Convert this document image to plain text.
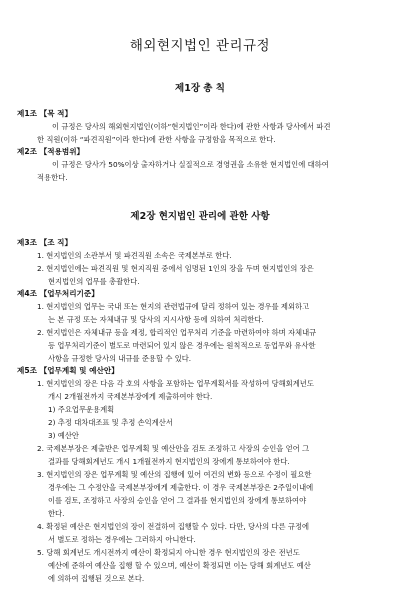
해외현지법인 관리규정
제1장 총 칙
제1조 【목 적】
이 규정은 당사의 해외현지법인(이하“현지법인”이라 한다)에 관한 사항과 당사에서 파견
한 직원(이하 “파견직원”이라 한다)에 관한 사항을 규정함을 목적으로 한다.
제2조 【적용범위】
이 규정은 당사가 50%이상 출자하거나 실질적으로 경영권을 소유한 현지법인에 대하여
적용한다.
제2장 현지법인 관리에 관한 사항
제3조 【조 직】
1. 현지법인의 소관부서 및 파견직원 소속은 국제본부로 한다.
2. 현지법인에는 파견직원 및 현지직원 중에서 임명된 1인의 장을 두며 현지법인의 장은
현지법인의 업무를 총괄한다.
제4조 【업무처리기준】
1. 현지법인의 업무는 국내 또는 현지의 관련법규에 달리 정하여 있는 경우를 제외하고
는 본 규정 또는 자체내규 및 당사의 지시사항 등에 의하여 처리한다.
2. 현지법인은 자체내규 등을 제정, 합리적인 업무처리 기준을 마련하여야 하며 자체내규
등 업무처리기준이 별도로 마련되어 있지 않은 경우에는 원칙적으로 동업무와 유사한
사항을 규정한 당사의 내규를 준용할 수 있다.
제5조 【업무계획 및 예산안】
1. 현지법인의 장은 다음 각 호의 사항을 포함하는 업무계획서를 작성하여 당해회계년도
개시 2개월전까지 국제본부장에게 제출하여야 한다.
1) 주요업무운용계획
2) 추정 대차대조표 및 추정 손익계산서
3) 예산안
2. 국제본부장은 제출받은 업무계획 및 예산안을 검토 조정하고 사장의 승인을 얻어 그
결과를 당해회계년도 개시 1개월전까지 현지법인의 장에게 통보하여야 한다.
3. 현지법인의 장은 업무계획 및 예산의 집행에 있어 여건의 변화 등으로 수정이 필요한
경우에는 그 수정안을 국제본부장에게 제출한다. 이 경우 국제본부장은 2주일이내에
이를 검토, 조정하고 사장의 승인을 얻어 그 결과를 현지법인의 장에게 통보하여야
한다.
4. 확정된 예산은 현지법인의 장이 전결하여 집행할 수 있다. 다만, 당사의 다른 규정에
서 별도로 정하는 경우에는 그러하지 아니한다.
5. 당해 회계년도 개시전까지 예산이 확정되지 아니한 경우 현지법인의 장은 전년도
예산에 준하여 예산을 집행 할 수 있으며, 예산이 확정되면 이는 당해 회계년도 예산
에 의하여 집행된 것으로 본다.
